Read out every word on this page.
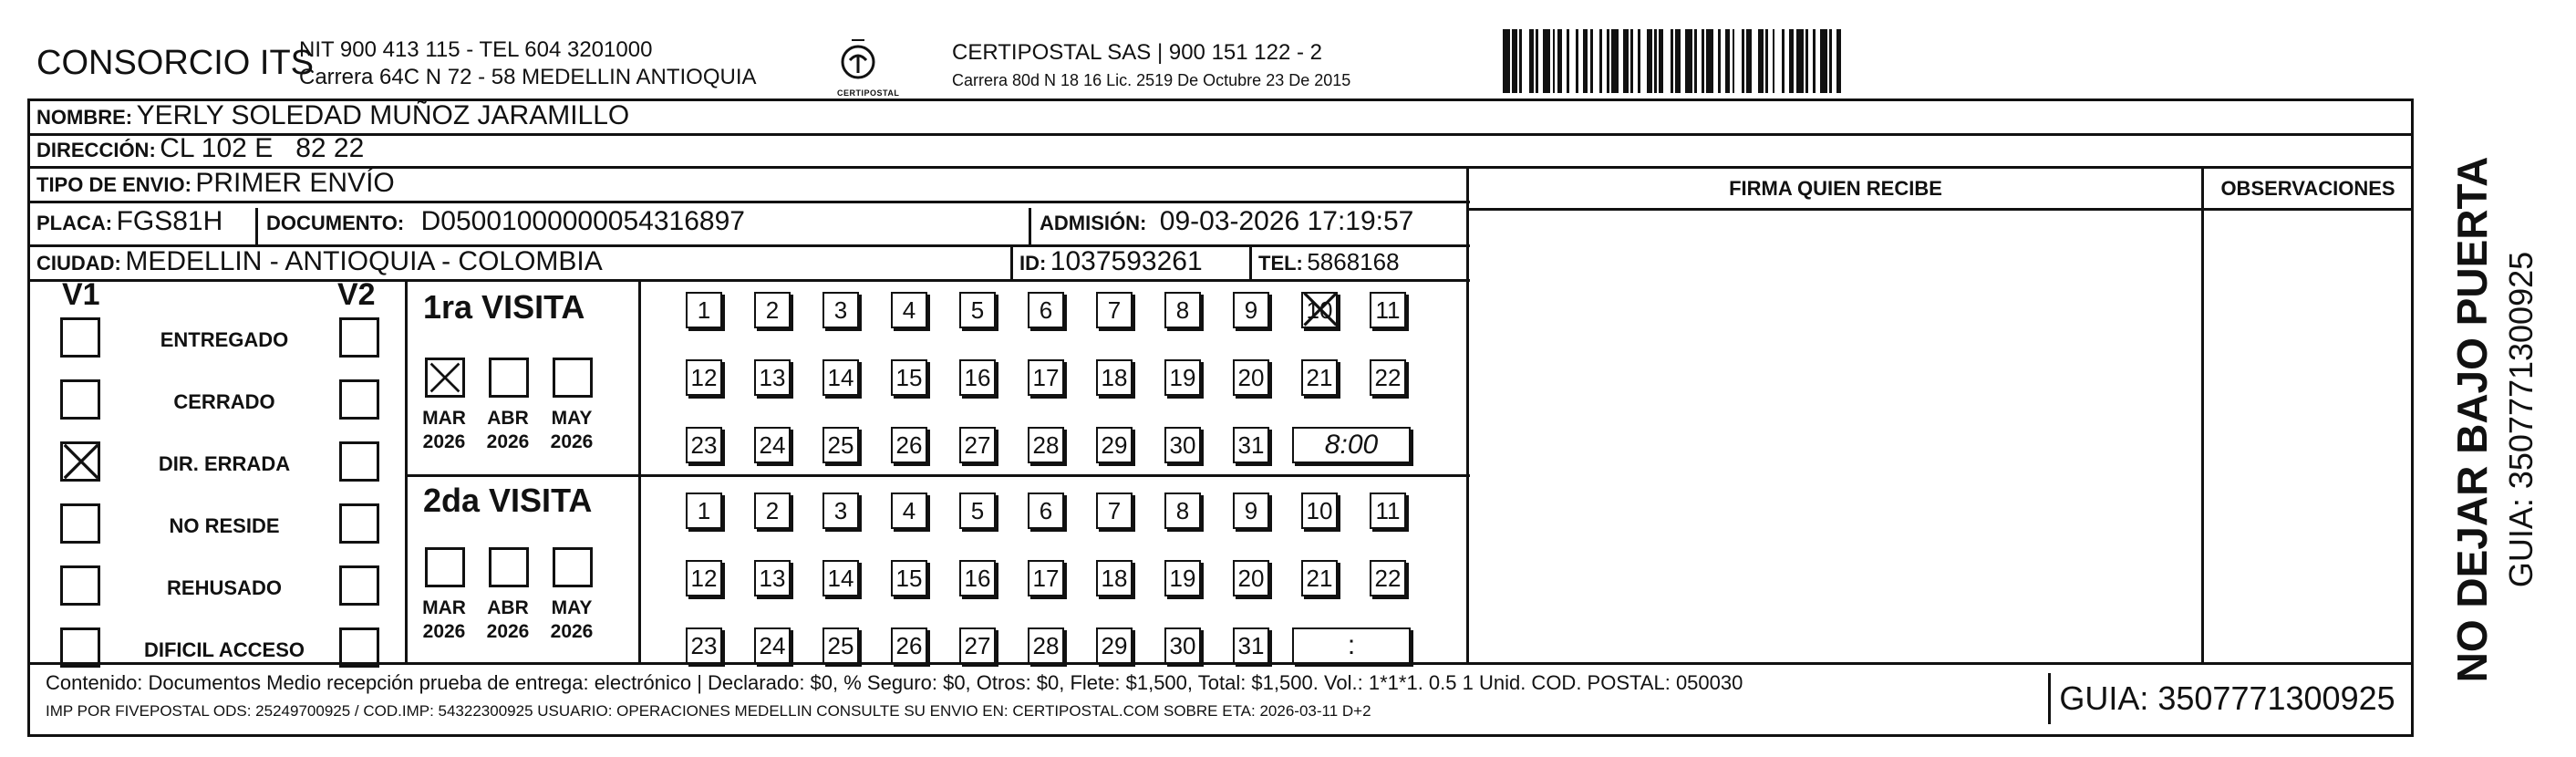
CONSORCIO ITS
NIT 900 413 115 - TEL 604 3201000
Carrera 64C N 72 - 58 MEDELLIN ANTIOQUIA
CERTIPOSTAL
CERTIPOSTAL SAS | 900 151 122 - 2
Carrera 80d N 18 16 Lic. 2519 De Octubre 23 De 2015
NOMBRE: YERLY SOLEDAD MUÑOZ JARAMILLO
DIRECCIÓN: CL 102 E   82 22
TIPO DE ENVIO: PRIMER ENVÍO
PLACA: FGS81H DOCUMENTO: D05001000000054316897	ADMISIÓN: 09-03-2026 17:19:57
CIUDAD: MEDELLIN - ANTIOQUIA - COLOMBIA	ID: 1037593261	TEL: 5868168
FIRMA QUIEN RECIBE	OBSERVACIONES
V1	V2 1ra VISITA
2da VISITA
Contenido: Documentos Medio recepción prueba de entrega: electrónico | Declarado: $0, % Seguro: $0, Otros: $0, Flete: $1,500, Total: $1,500. Vol.: 1*1*1. 0.5 1 Unid. COD. POSTAL: 050030
IMP POR FIVEPOSTAL ODS: 25249700925 / COD.IMP: 54322300925 USUARIO: OPERACIONES MEDELLIN CONSULTE SU ENVIO EN: CERTIPOSTAL.COM SOBRE ETA: 2026-03-11 D+2	GUIA: 3507771300925
NO DEJAR BAJO PUERTA GUIA: 3507771300925
ENTREGADO
CERRADO
DIR. ERRADA
NO RESIDE
REHUSADO
DIFICIL ACCESO
MAR
2026
ABR
2026
MAY
2026
MAR
2026
ABR
2026
MAY
2026
1	2	3	4	5	6	7	8	9	10 11
12 13 14 15 16 17 18 19 20 21 22
23 24 25 26 27 28 29 30 31	8:00
1	2	3	4	5	6	7	8	9	10 11
12 13 14 15 16 17 18 19 20 21 22
23 24 25 26 27 28 29 30 31	:
